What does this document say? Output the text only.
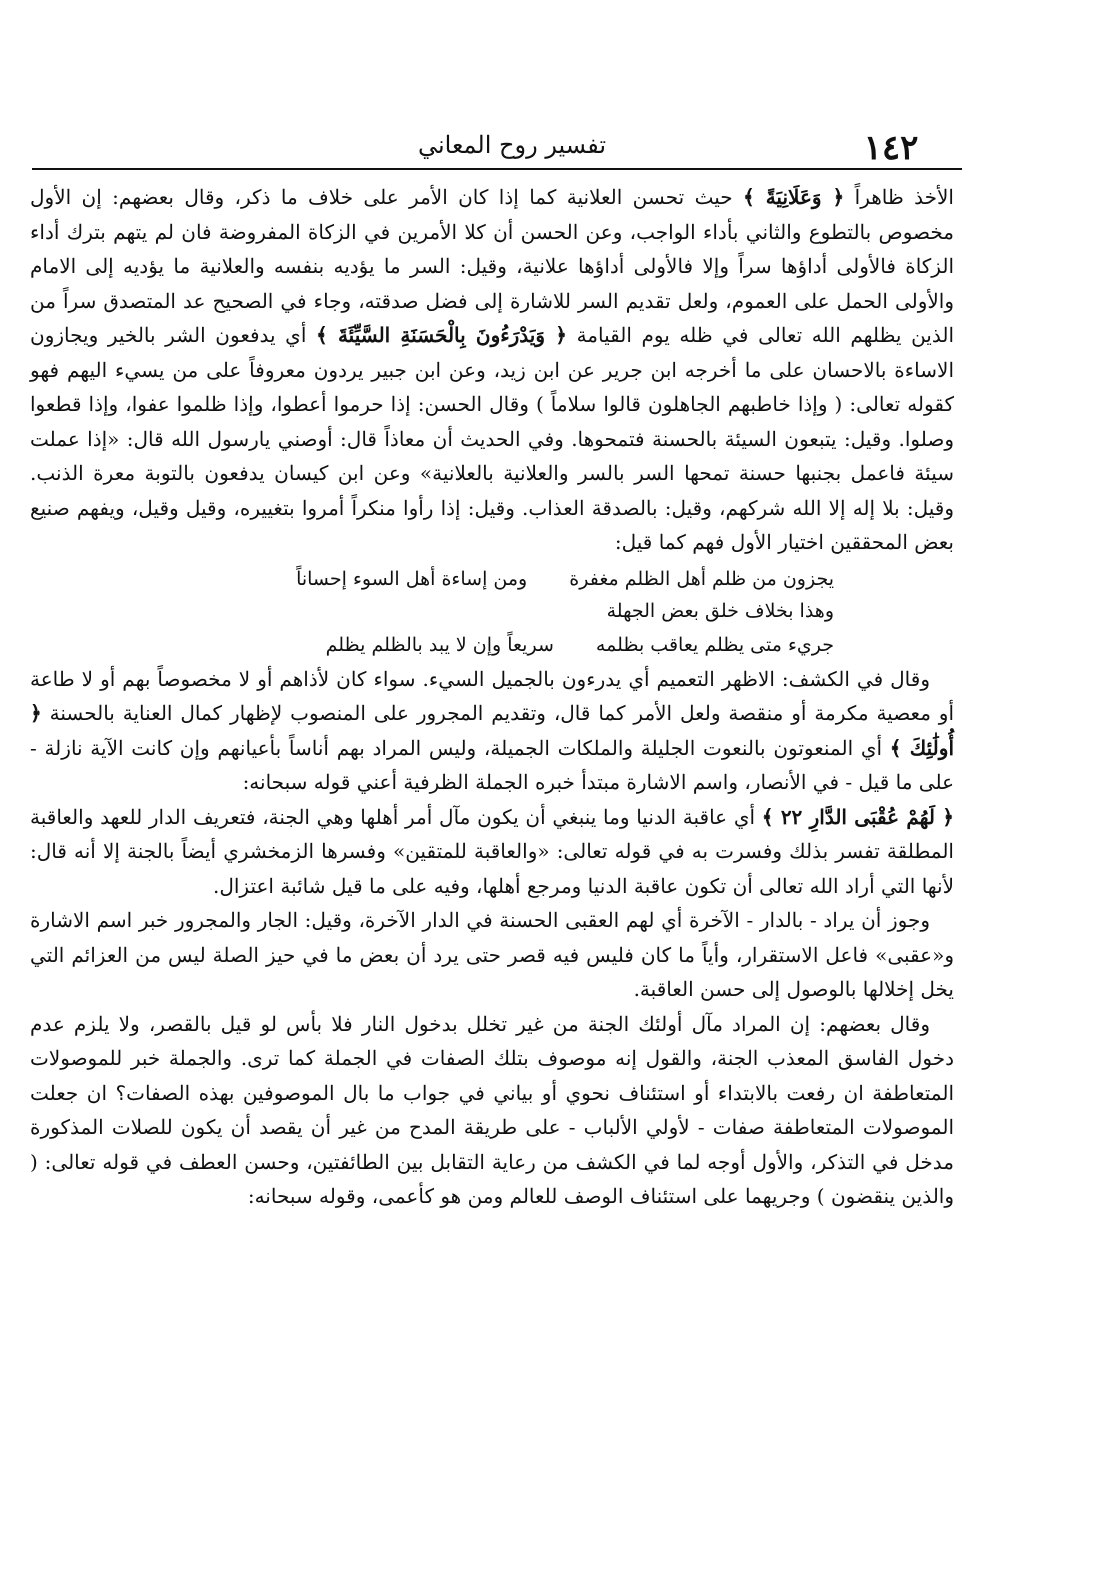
١٤٢
تفسير روح المعاني

الأخذ ظاهراً ﴿ وَعَلَانِيَةً ﴾ حيث تحسن العلانية كما إذا كان الأمر على خلاف ما ذكر، وقال بعضهم: إن الأول مخصوص بالتطوع والثاني بأداء الواجب، وعن الحسن أن كلا الأمرين في الزكاة المفروضة فان لم يتهم بترك أداء الزكاة فالأولى أداؤها سراً وإلا فالأولى أداؤها علانية، وقيل: السر ما يؤديه بنفسه والعلانية ما يؤديه إلى الامام والأولى الحمل على العموم، ولعل تقديم السر للاشارة إلى فضل صدقته، وجاء في الصحيح عد المتصدق سراً من الذين يظلهم الله تعالى في ظله يوم القيامة ﴿ وَيَدْرَءُونَ بِالْحَسَنَةِ السَّيِّئَةَ ﴾ أي يدفعون الشر بالخير ويجازون الاساءة بالاحسان على ما أخرجه ابن جرير عن ابن زيد، وعن ابن جبير يردون معروفاً على من يسيء اليهم فهو كقوله تعالى: ( وإذا خاطبهم الجاهلون قالوا سلاماً ) وقال الحسن: إذا حرموا أعطوا، وإذا ظلموا عفوا، وإذا قطعوا وصلوا. وقيل: يتبعون السيئة بالحسنة فتمحوها. وفي الحديث أن معاذاً قال: أوصني يارسول الله قال: «إذا عملت سيئة فاعمل بجنبها حسنة تمحها السر بالسر والعلانية بالعلانية» وعن ابن كيسان يدفعون بالتوبة معرة الذنب. وقيل: بلا إله إلا الله شركهم، وقيل: بالصدقة العذاب. وقيل: إذا رأوا منكراً أمروا بتغييره، وقيل وقيل، ويفهم صنيع بعض المحققين اختيار الأول فهم كما قيل:

يجزون من ظلم أهل الظلم مغفرة ومن إساءة أهل السوء إحساناً
وهذا بخلاف خلق بعض الجهلة
جريء متى يظلم يعاقب بظلمه سريعاً وإن لا يبد بالظلم يظلم

وقال في الكشف: الاظهر التعميم أي يدرءون بالجميل السيء. سواء كان لأذاهم أو لا مخصوصاً بهم أو لا طاعة أو معصية مكرمة أو منقصة ولعل الأمر كما قال، وتقديم المجرور على المنصوب لإظهار كمال العناية بالحسنة ﴿ أُولَٰئِكَ ﴾ أي المنعوتون بالنعوت الجليلة والملكات الجميلة، وليس المراد بهم أناساً بأعيانهم وإن كانت الآية نازلة - على ما قيل - في الأنصار، واسم الاشارة مبتدأ خبره الجملة الظرفية أعني قوله سبحانه:

﴿ لَهُمْ عُقْبَى الدَّارِ ٢٢ ﴾ أي عاقبة الدنيا وما ينبغي أن يكون مآل أمر أهلها وهي الجنة، فتعريف الدار للعهد والعاقبة المطلقة تفسر بذلك وفسرت به في قوله تعالى: «والعاقبة للمتقين» وفسرها الزمخشري أيضاً بالجنة إلا أنه قال: لأنها التي أراد الله تعالى أن تكون عاقبة الدنيا ومرجع أهلها، وفيه على ما قيل شائبة اعتزال.

وجوز أن يراد - بالدار - الآخرة أي لهم العقبى الحسنة في الدار الآخرة، وقيل: الجار والمجرور خبر اسم الاشارة و«عقبى» فاعل الاستقرار، وأياً ما كان فليس فيه قصر حتى يرد أن بعض ما في حيز الصلة ليس من العزائم التي يخل إخلالها بالوصول إلى حسن العاقبة.

وقال بعضهم: إن المراد مآل أولئك الجنة من غير تخلل بدخول النار فلا بأس لو قيل بالقصر، ولا يلزم عدم دخول الفاسق المعذب الجنة، والقول إنه موصوف بتلك الصفات في الجملة كما ترى. والجملة خبر للموصولات المتعاطفة ان رفعت بالابتداء أو استئناف نحوي أو بياني في جواب ما بال الموصوفين بهذه الصفات؟ ان جعلت الموصولات المتعاطفة صفات - لأولي الألباب - على طريقة المدح من غير أن يقصد أن يكون للصلات المذكورة مدخل في التذكر، والأول أوجه لما في الكشف من رعاية التقابل بين الطائفتين، وحسن العطف في قوله تعالى: ( والذين ينقضون ) وجريهما على استئناف الوصف للعالم ومن هو كأعمى، وقوله سبحانه:
